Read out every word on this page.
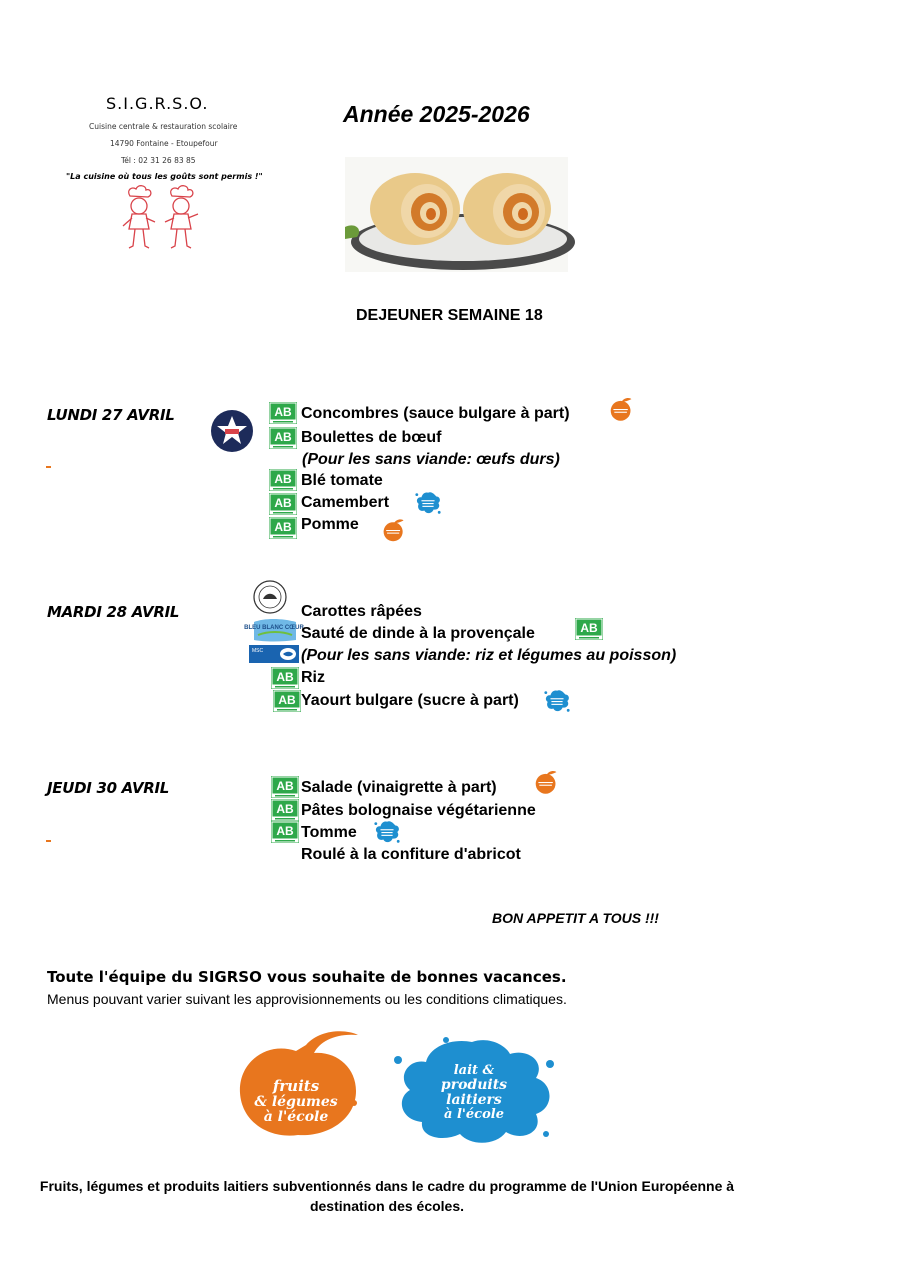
S.I.G.R.S.O.
Cuisine centrale & restauration scolaire
14790 Fontaine - Etoupefour
Tél : 02 31 26 83 85
"La cuisine où tous les goûts sont permis !"
Année 2025-2026
DEJEUNER SEMAINE 18
LUNDI 27 AVRIL	Concombres (sauce bulgare à part)
Boulettes de bœuf
(Pour les sans viande: œufs durs)
Blé tomate
Camembert
Pomme
MARDI 28 AVRIL	Carottes râpées
BLEU BLANC CŒUR
Sauté de dinde à la provençale
MSC (Pour les sans viande: riz et légumes au poisson)
Riz
Yaourt bulgare (sucre à part)
JEUDI 30 AVRIL	Salade (vinaigrette à part)
Pâtes bolognaise végétarienne
Tomme
Roulé à la confiture d'abricot
BON APPETIT A TOUS !!!
Toute l'équipe du SIGRSO vous souhaite de bonnes vacances.
Menus pouvant varier suivant les approvisionnements ou les conditions climatiques.
fruits
& légumes
à l'école
lait &
produits
laitiers
à l'école
Fruits, légumes et produits laitiers subventionnés dans le cadre du programme de l'Union Européenne à destination des écoles.
